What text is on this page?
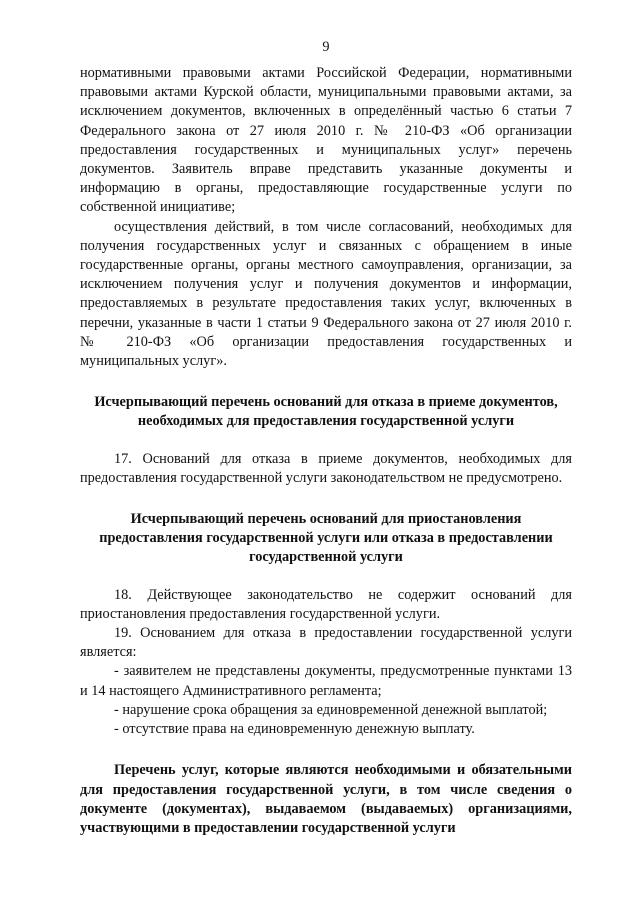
9

нормативными правовыми актами Российской Федерации, нормативными правовыми актами Курской области, муниципальными правовыми актами, за исключением документов, включенных в определённый частью 6 статьи 7 Федерального закона от 27 июля 2010 г. № 210-ФЗ «Об организации предоставления государственных и муниципальных услуг» перечень документов. Заявитель вправе представить указанные документы и информацию в органы, предоставляющие государственные услуги по собственной инициативе;

осуществления действий, в том числе согласований, необходимых для получения государственных услуг и связанных с обращением в иные государственные органы, органы местного самоуправления, организации, за исключением получения услуг и получения документов и информации, предоставляемых в результате предоставления таких услуг, включенных в перечни, указанные в части 1 статьи 9 Федерального закона от 27 июля 2010 г. № 210-ФЗ «Об организации предоставления государственных и муниципальных услуг».

Исчерпывающий перечень оснований для отказа в приеме документов, необходимых для предоставления государственной услуги

17. Оснований для отказа в приеме документов, необходимых для предоставления государственной услуги законодательством не предусмотрено.

Исчерпывающий перечень оснований для приостановления предоставления государственной услуги или отказа в предоставлении государственной услуги

18. Действующее законодательство не содержит оснований для приостановления предоставления государственной услуги.

19. Основанием для отказа в предоставлении государственной услуги является:

- заявителем не представлены документы, предусмотренные пунктами 13 и 14 настоящего Административного регламента;

- нарушение срока обращения за единовременной денежной выплатой;

- отсутствие права на единовременную денежную выплату.

Перечень услуг, которые являются необходимыми и обязательными для предоставления государственной услуги, в том числе сведения о документе (документах), выдаваемом (выдаваемых) организациями, участвующими в предоставлении государственной услуги
